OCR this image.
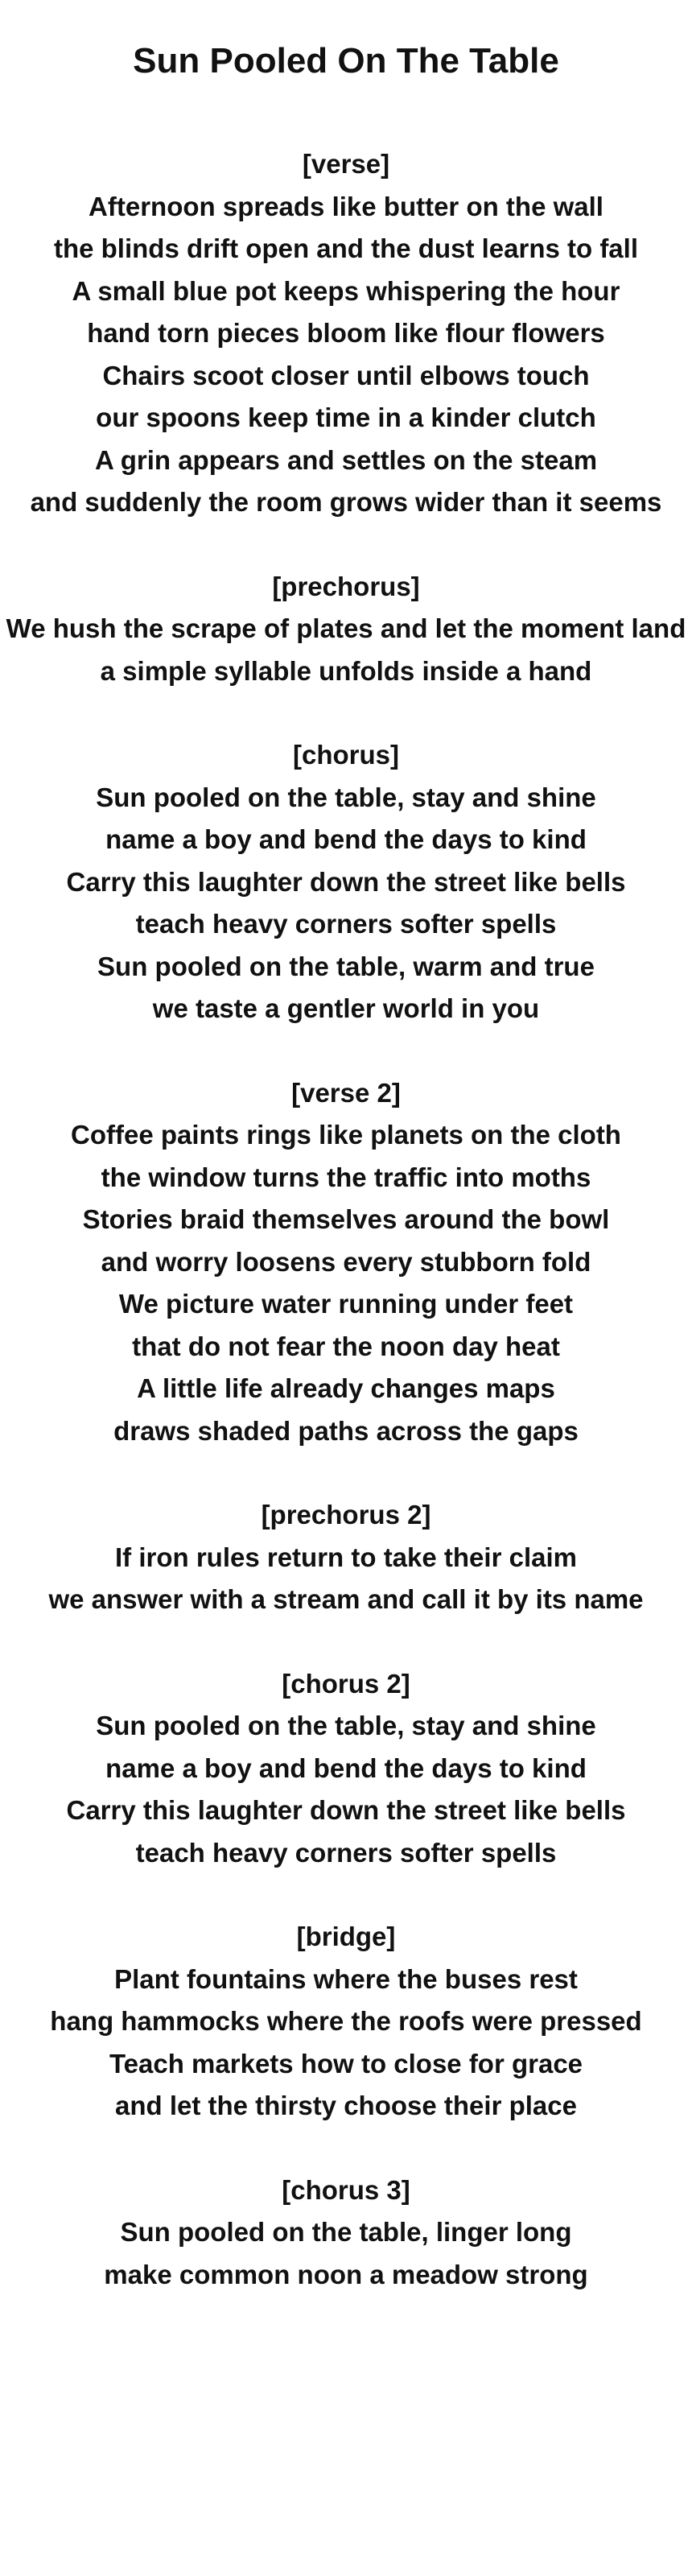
Sun Pooled On The Table
[verse]
Afternoon spreads like butter on the wall
the blinds drift open and the dust learns to fall
A small blue pot keeps whispering the hour
hand torn pieces bloom like flour flowers
Chairs scoot closer until elbows touch
our spoons keep time in a kinder clutch
A grin appears and settles on the steam
and suddenly the room grows wider than it seems
[prechorus]
We hush the scrape of plates and let the moment land
a simple syllable unfolds inside a hand
[chorus]
Sun pooled on the table, stay and shine
name a boy and bend the days to kind
Carry this laughter down the street like bells
teach heavy corners softer spells
Sun pooled on the table, warm and true
we taste a gentler world in you
[verse 2]
Coffee paints rings like planets on the cloth
the window turns the traffic into moths
Stories braid themselves around the bowl
and worry loosens every stubborn fold
We picture water running under feet
that do not fear the noon day heat
A little life already changes maps
draws shaded paths across the gaps
[prechorus 2]
If iron rules return to take their claim
we answer with a stream and call it by its name
[chorus 2]
Sun pooled on the table, stay and shine
name a boy and bend the days to kind
Carry this laughter down the street like bells
teach heavy corners softer spells
[bridge]
Plant fountains where the buses rest
hang hammocks where the roofs were pressed
Teach markets how to close for grace
and let the thirsty choose their place
[chorus 3]
Sun pooled on the table, linger long
make common noon a meadow strong
